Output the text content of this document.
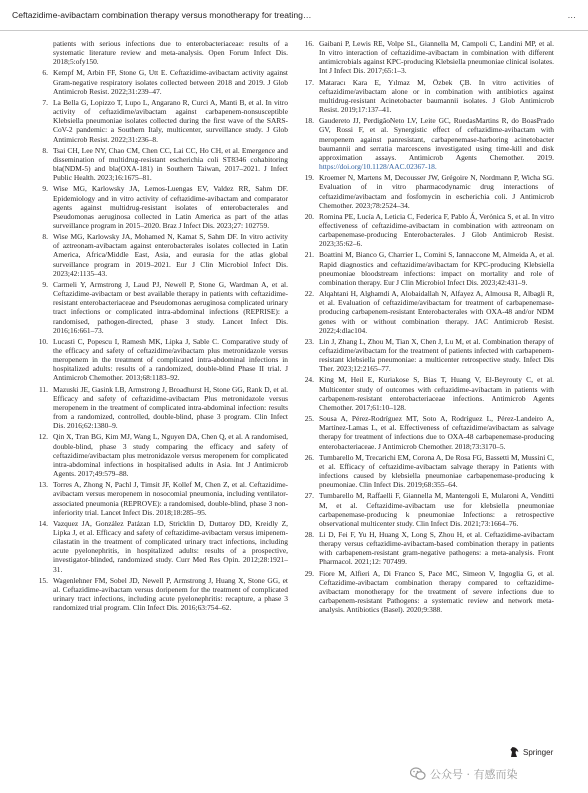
Ceftazidime-avibactam combination therapy versus monotherapy for treating…	…
patients with serious infections due to enterobacteriaceae: results of a systematic literature review and meta-analysis. Open Forum Infect Dis. 2018;5:ofy150.
6. Kempf M, Arbin FF, Stone G, Utt E. Ceftazidime-avibactam activity against Gram-negative respiratory isolates collected between 2018 and 2019. J Glob Antimicrob Resist. 2022;31:239–47.
7. La Bella G, Lopizzo T, Lupo L, Angarano R, Curci A, Manti B, et al. In vitro activity of ceftazidime/avibactam against carbapenem-nonsusceptible Klebsiella pneumoniae isolates collected during the first wave of the SARS-CoV-2 pandemic: a Southern Italy, multicenter, surveillance study. J Glob Antimicrob Resist. 2022;31:236–8.
8. Tsai CH, Lee NY, Chao CM, Chen CC, Lai CC, Ho CH, et al. Emergence and dissemination of multidrug-resistant escherichia coli ST8346 cohabitoring bla(NDM-5) and bla(OXA-181) in Southern Taiwan, 2017–2021. J Infect Public Health. 2023;16:1675–81.
9. Wise MG, Karlowsky JA, Lemos-Luengas EV, Valdez RR, Sahm DF. Epidemiology and in vitro activity of ceftazidime-avibactam and comparator agents against multidrug-resistant isolates of enterobacterales and Pseudomonas aeruginosa collected in Latin America as part of the atlas surveillance program in 2015–2020. Braz J Infect Dis. 2023;27: 102759.
8. Wise MG, Karlowsky JA, Mohamed N, Kamat S, Sahm DF. In vitro activity of aztreonam-avibactam against enterobacterales isolates collected in Latin America, Africa/Middle East, Asia, and eurasia for the atlas global surveillance program in 2019–2021. Eur J Clin Microbiol Infect Dis. 2023;42:1135–43.
9. Carmeli Y, Armstrong J, Laud PJ, Newell P, Stone G, Wardman A, et al. Ceftazidime-avibactam or best available therapy in patients with ceftazidime-resistant enterobacteriaceae and Pseudomonas aeruginosa complicated urinary tract infections or complicated intra-abdominal infections (REPRISE): a randomised, pathogen-directed, phase 3 study. Lancet Infect Dis. 2016;16:661–73.
10. Lucasti C, Popescu I, Ramesh MK, Lipka J, Sable C. Comparative study of the efficacy and safety of ceftazidime/avibactam plus metronidazole versus meropenem in the treatment of complicated intra-abdominal infections in hospitalized adults: results of a randomized, double-blind Phase II trial. J Antimicrob Chemother. 2013;68:1183–92.
11. Mazuski JE, Gasink LB, Armstrong J, Broadhurst H, Stone GG, Rank D, et al. Efficacy and safety of ceftazidime-avibactam Plus metronidazole versus meropenem in the treatment of complicated intra-abdominal infection: results from a randomized, controlled, double-blind, phase 3 program. Clin Infect Dis. 2016;62:1380–9.
12. Qin X, Tran BG, Kim MJ, Wang L, Nguyen DA, Chen Q, et al. A randomised, double-blind, phase 3 study comparing the efficacy and safety of ceftazidime/avibactam plus metronidazole versus meropenem for complicated intra-abdominal infections in hospitalised adults in Asia. Int J Antimicrob Agents. 2017;49:579–88.
13. Torres A, Zhong N, Pachl J, Timsit JF, Kollef M, Chen Z, et al. Ceftazidime-avibactam versus meropenem in nosocomial pneumonia, including ventilator-associated pneumonia (REPROVE): a randomised, double-blind, phase 3 non-inferiority trial. Lancet Infect Dis. 2018;18:285–95.
14. Vazquez JA, González Patázan LD, Stricklin D, Duttaroy DD, Kreidly Z, Lipka J, et al. Efficacy and safety of ceftazidime-avibactam versus imipenem-cilastatin in the treatment of complicated urinary tract infections, including acute pyelonephritis, in hospitalized adults: results of a prospective, investigator-blinded, randomized study. Curr Med Res Opin. 2012;28:1921–31.
15. Wagenlehner FM, Sobel JD, Newell P, Armstrong J, Huang X, Stone GG, et al. Ceftazidime-avibactam versus doripenem for the treatment of complicated urinary tract infections, including acute pyelonephritis: recapture, a phase 3 randomized trial program. Clin Infect Dis. 2016;63:754–62.
16. Gaibani P, Lewis RE, Volpe SL, Giannella M, Campoli C, Landini MP, et al. In vitro interaction of ceftazidime-avibactam in combination with different antimicrobials against KPC-producing Klebsiella pneumoniae clinical isolates. Int J Infect Dis. 2017;65:1–3.
17. Mataracı Kara E, Yılmaz M, Özbek ÇB. In vitro activities of ceftazidime/avibactam alone or in combination with antibiotics against multidrug-resistant Acinetobacter baumannii isolates. J Glob Antimicrob Resist. 2019;17:137–41.
18. Gaudereto JJ, PerdigãoNeto LV, Leite GC, RuedasMartins R, do BoasPrado GV, Rossi F, et al. Synergistic effect of ceftazidime-avibactam with meropenem against panresistant, carbapenemase-harboring acinetobacter baumannii and serratia marcescens investigated using time-kill and disk approximation assays. Antimicrob Agents Chemother. 2019. https://doi.org/10.1128/AAC.02367-18.
19. Kroemer N, Martens M, Decousser JW, Grégoire N, Nordmann P, Wicha SG. Evaluation of in vitro pharmacodynamic drug interactions of ceftazidime/avibactam and fosfomycin in escherichia coli. J Antimicrob Chemother. 2023;78:2524–34.
20. Romina PE, Lucía A, Leticia C, Federica F, Pablo Á, Verónica S, et al. In vitro effectiveness of ceftazidime-avibactam in combination with aztreonam on carbapenemase-producing Enterobacterales. J Glob Antimicrob Resist. 2023;35:62–6.
21. Boattini M, Bianco G, Charrier L, Comini S, Iannaccone M, Almeida A, et al. Rapid diagnostics and ceftazidime/avibactam for KPC-producing Klebsiella pneumoniae bloodstream infections: impact on mortality and role of combination therapy. Eur J Clin Microbiol Infect Dis. 2023;42:431–9.
22. Alqahtani H, Alghamdi A, Alobaidallah N, Alfayez A, Almousa R, Albagli R, et al. Evaluation of ceftazidime/avibactam for treatment of carbapenemase-producing carbapenem-resistant Enterobacterales with OXA-48 and/or NDM genes with or without combination therapy. JAC Antimicrob Resist. 2022;4:dlac104.
23. Lin J, Zhang L, Zhou M, Tian X, Chen J, Lu M, et al. Combination therapy of ceftazidime/avibactam for the treatment of patients infected with carbapenem-resistant klebsiella pneumoniae: a multicenter retrospective study. Infect Dis Ther. 2023;12:2165–77.
24. King M, Heil E, Kuriakose S, Bias T, Huang V, El-Beyrouty C, et al. Multicenter study of outcomes with ceftazidime-avibactam in patients with carbapenem-resistant enterobacteriaceae infections. Antimicrob Agents Chemother. 2017;61:10–128.
25. Sousa A, Pérez-Rodríguez MT, Soto A, Rodríguez L, Pérez-Landeiro A, Martínez-Lamas L, et al. Effectiveness of ceftazidime/avibactam as salvage therapy for treatment of infections due to OXA-48 carbapenemase-producing enterobacteriaceae. J Antimicrob Chemother. 2018;73:3170–5.
26. Tumbarello M, Trecarichi EM, Corona A, De Rosa FG, Bassetti M, Mussini C, et al. Efficacy of ceftazidime-avibactam salvage therapy in Patients with infections caused by klebsiella pneumoniae carbapenemase-producing k pneumoniae. Clin Infect Dis. 2019;68:355–64.
27. Tumbarello M, Raffaelli F, Giannella M, Mantengoli E, Mularoni A, Venditti M, et al. Ceftazidime-avibactam use for klebsiella pneumoniae carbapenemase-producing k pneumoniae Infections: a retrospective observational multicenter study. Clin Infect Dis. 2021;73:1664–76.
28. Li D, Fei F, Yu H, Huang X, Long S, Zhou H, et al. Ceftazidime-avibactam therapy versus ceftazidime-avibactam-based combination therapy in patients with carbapenem-resistant gram-negative pathogens: a meta-analysis. Front Pharmacol. 2021;12: 707499.
29. Fiore M, Alfieri A, Di Franco S, Pace MC, Simeon V, Ingoglia G, et al. Ceftazidime-avibactam combination therapy compared to ceftazidime-avibactam monotherapy for the treatment of severe infections due to carbapenem-resistant Pathogens: a systematic review and network meta-analysis. Antibiotics (Basel). 2020;9:388.
Springer
公众号 · 有感而染
